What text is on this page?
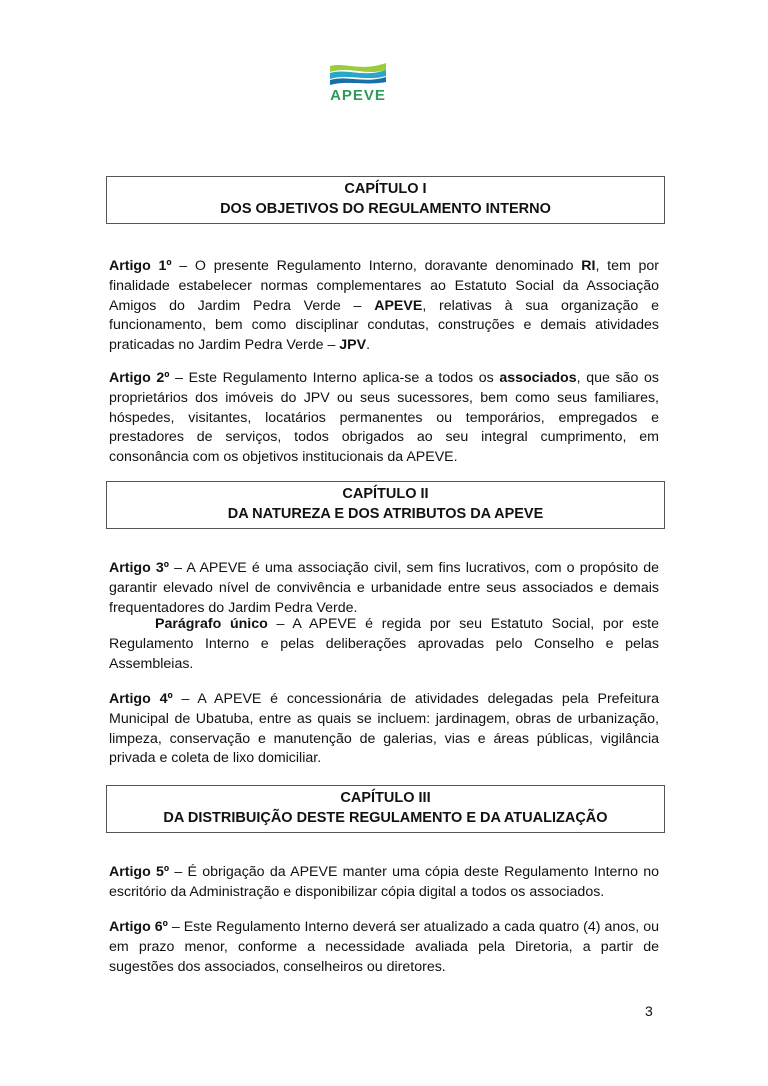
APEVE
CAPÍTULO I
DOS OBJETIVOS DO REGULAMENTO INTERNO
Artigo 1º – O presente Regulamento Interno, doravante denominado RI, tem por finalidade estabelecer normas complementares ao Estatuto Social da Associação Amigos do Jardim Pedra Verde – APEVE, relativas à sua organização e funcionamento, bem como disciplinar condutas, construções e demais atividades praticadas no Jardim Pedra Verde – JPV.
Artigo 2º – Este Regulamento Interno aplica-se a todos os associados, que são os proprietários dos imóveis do JPV ou seus sucessores, bem como seus familiares, hóspedes, visitantes, locatários permanentes ou temporários, empregados e prestadores de serviços, todos obrigados ao seu integral cumprimento, em consonância com os objetivos institucionais da APEVE.
CAPÍTULO II
DA NATUREZA E DOS ATRIBUTOS DA APEVE
Artigo 3º – A APEVE é uma associação civil, sem fins lucrativos, com o propósito de garantir elevado nível de convivência e urbanidade entre seus associados e demais frequentadores do Jardim Pedra Verde.
Parágrafo único – A APEVE é regida por seu Estatuto Social, por este Regulamento Interno e pelas deliberações aprovadas pelo Conselho e pelas Assembleias.
Artigo 4º – A APEVE é concessionária de atividades delegadas pela Prefeitura Municipal de Ubatuba, entre as quais se incluem: jardinagem, obras de urbanização, limpeza, conservação e manutenção de galerias, vias e áreas públicas, vigilância privada e coleta de lixo domiciliar.
CAPÍTULO III
DA DISTRIBUIÇÃO DESTE REGULAMENTO E DA ATUALIZAÇÃO
Artigo 5º – É obrigação da APEVE manter uma cópia deste Regulamento Interno no escritório da Administração e disponibilizar cópia digital a todos os associados.
Artigo 6º – Este Regulamento Interno deverá ser atualizado a cada quatro (4) anos, ou em prazo menor, conforme a necessidade avaliada pela Diretoria, a partir de sugestões dos associados, conselheiros ou diretores.
3
